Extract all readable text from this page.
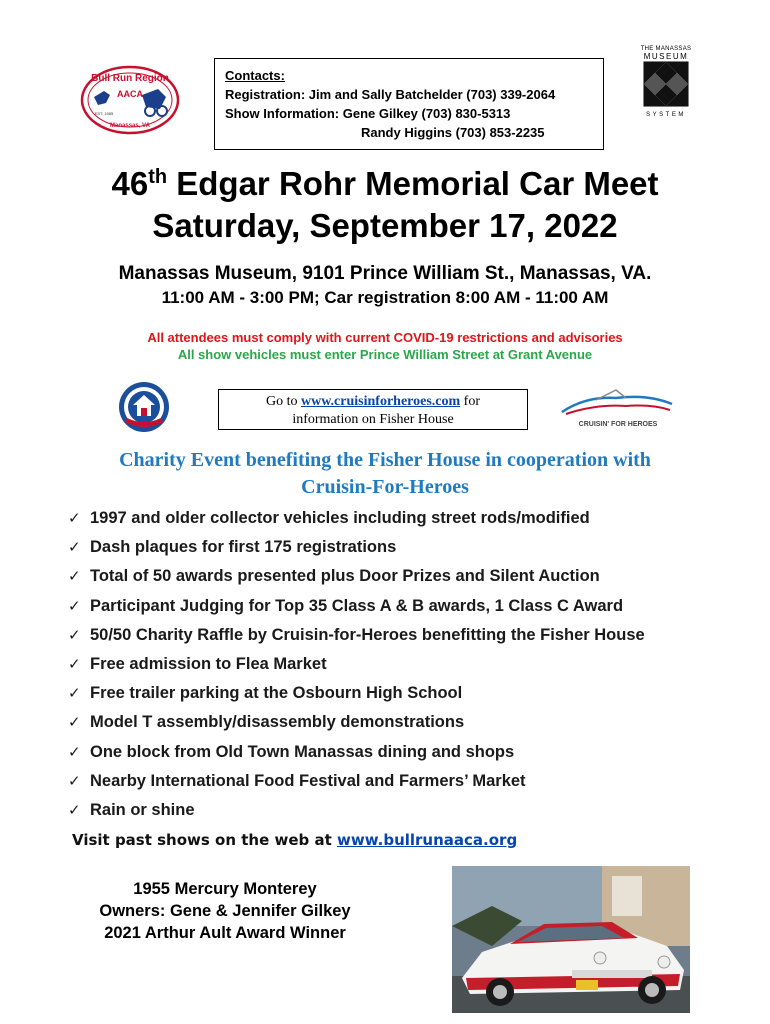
Bull Run Region
AACA
EST. 1985
Manassas, VA
Contacts:
Registration: Jim and Sally Batchelder (703) 339-2064
Show Information: Gene Gilkey (703) 830-5313
Randy Higgins (703) 853-2235
THE MANASSAS
MUSEUM
SYSTEM
46th Edgar Rohr Memorial Car Meet
Saturday, September 17, 2022
Manassas Museum, 9101 Prince William St., Manassas, VA.
11:00 AM - 3:00 PM; Car registration 8:00 AM - 11:00 AM
All attendees must comply with current COVID-19 restrictions and advisories
All show vehicles must enter Prince William Street at Grant Avenue
Go to www.cruisinforheroes.com for
information on Fisher House	CRUISIN' FOR HEROES
Charity Event benefiting the Fisher House in cooperation with
Cruisin-For-Heroes
✓ 1997 and older collector vehicles including street rods/modified
✓ Dash plaques for first 175 registrations
✓ Total of 50 awards presented plus Door Prizes and Silent Auction
✓ Participant Judging for Top 35 Class A & B awards, 1 Class C Award
✓ 50/50 Charity Raffle by Cruisin-for-Heroes benefitting the Fisher House
✓ Free admission to Flea Market
✓ Free trailer parking at the Osbourn High School
✓ Model T assembly/disassembly demonstrations
✓ One block from Old Town Manassas dining and shops
✓ Nearby International Food Festival and Farmers’ Market
✓ Rain or shine
Visit past shows on the web at www.bullrunaaca.org
1955 Mercury Monterey
Owners: Gene & Jennifer Gilkey
2021 Arthur Ault Award Winner
